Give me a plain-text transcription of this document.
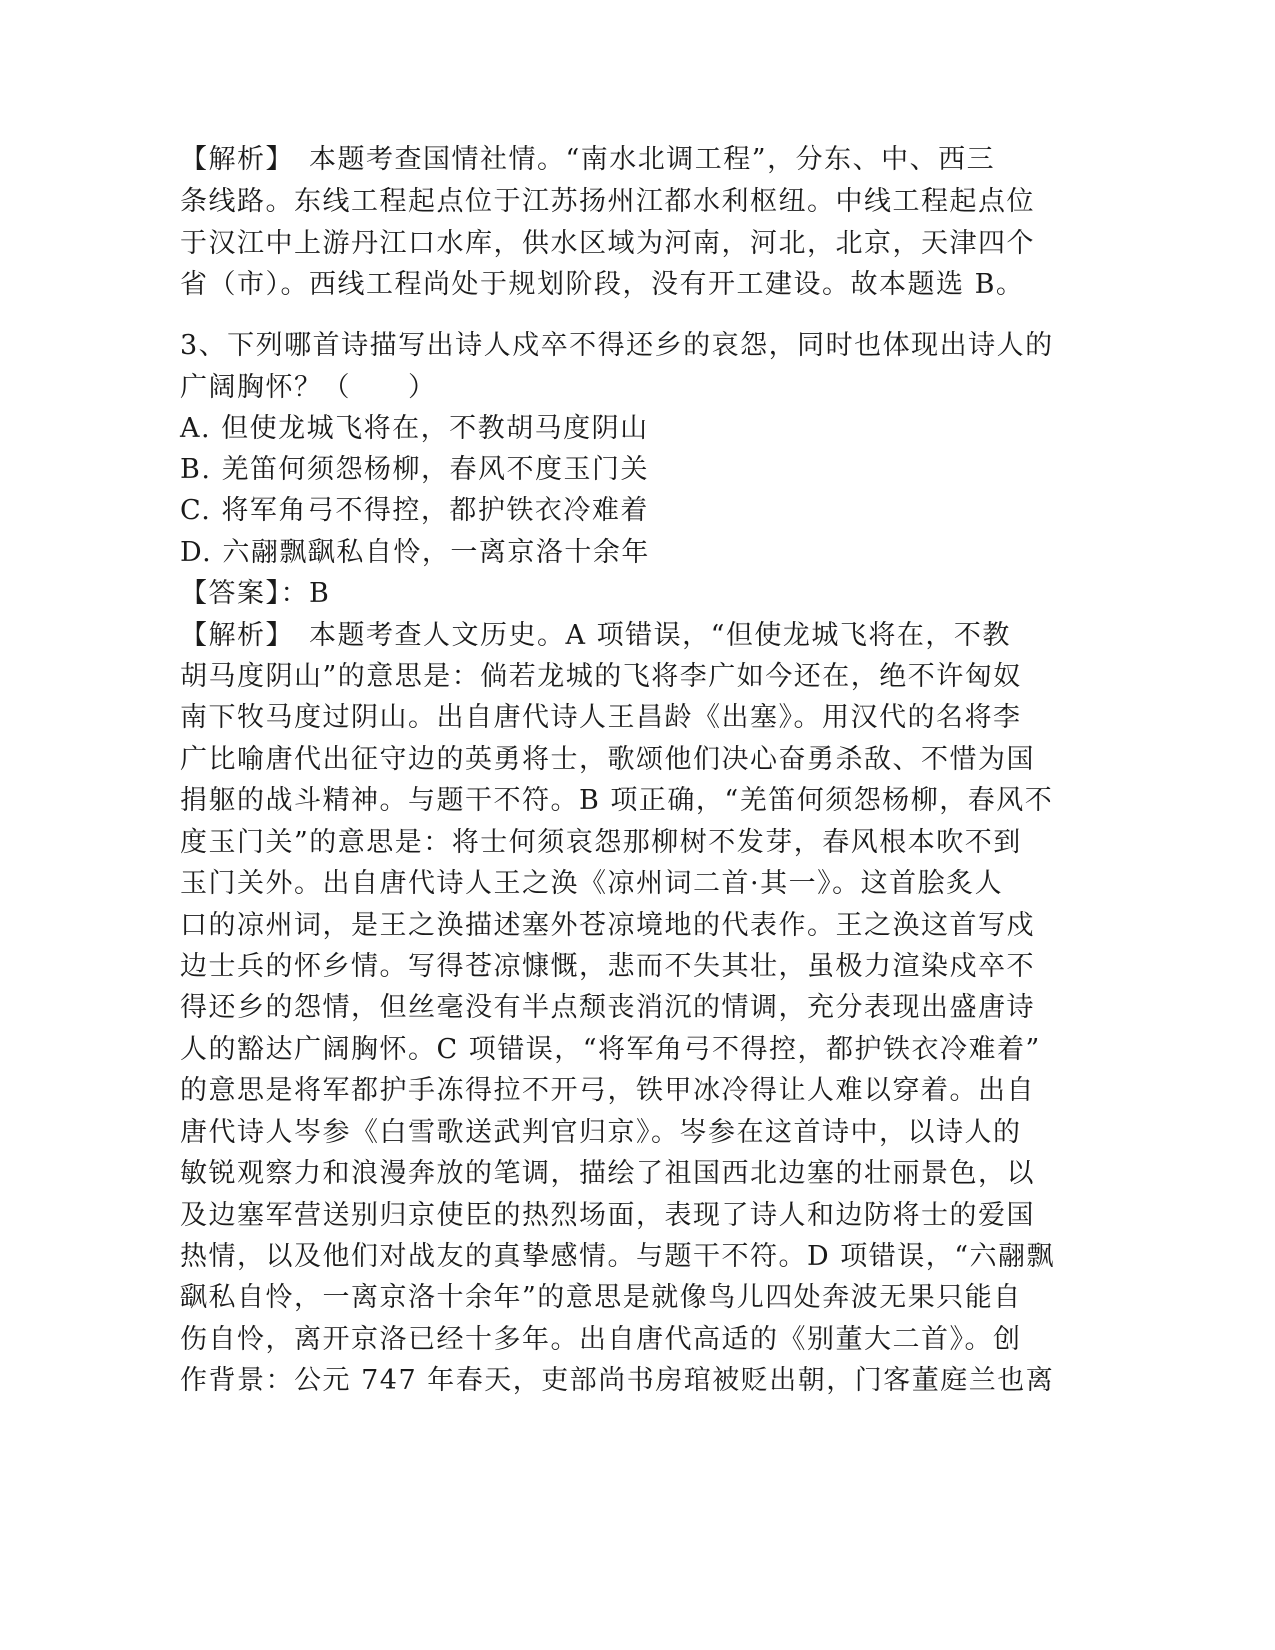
【解析】　本题考查国情社情。“南水北调工程”，分东、中、西三
条线路。东线工程起点位于江苏扬州江都水利枢纽。中线工程起点位
于汉江中上游丹江口水库，供水区域为河南，河北，北京，天津四个
省（市）。西线工程尚处于规划阶段，没有开工建设。故本题选 B。
3、下列哪首诗描写出诗人戍卒不得还乡的哀怨，同时也体现出诗人的
广阔胸怀？（　　）
A. 但使龙城飞将在，不教胡马度阴山
B. 羌笛何须怨杨柳，春风不度玉门关
C. 将军角弓不得控，都护铁衣冷难着
D. 六翮飘飖私自怜，一离京洛十余年
【答案】：B
【解析】　本题考查人文历史。A 项错误，“但使龙城飞将在，不教
胡马度阴山”的意思是：倘若龙城的飞将李广如今还在，绝不许匈奴
南下牧马度过阴山。出自唐代诗人王昌龄《出塞》。用汉代的名将李
广比喻唐代出征守边的英勇将士，歌颂他们决心奋勇杀敌、不惜为国
捐躯的战斗精神。与题干不符。B 项正确，“羌笛何须怨杨柳，春风不
度玉门关”的意思是：将士何须哀怨那柳树不发芽，春风根本吹不到
玉门关外。出自唐代诗人王之涣《凉州词二首·其一》。这首脍炙人
口的凉州词，是王之涣描述塞外苍凉境地的代表作。王之涣这首写戍
边士兵的怀乡情。写得苍凉慷慨，悲而不失其壮，虽极力渲染戍卒不
得还乡的怨情，但丝毫没有半点颓丧消沉的情调，充分表现出盛唐诗
人的豁达广阔胸怀。C 项错误，“将军角弓不得控，都护铁衣冷难着”
的意思是将军都护手冻得拉不开弓，铁甲冰冷得让人难以穿着。出自
唐代诗人岑参《白雪歌送武判官归京》。岑参在这首诗中，以诗人的
敏锐观察力和浪漫奔放的笔调，描绘了祖国西北边塞的壮丽景色，以
及边塞军营送别归京使臣的热烈场面，表现了诗人和边防将士的爱国
热情，以及他们对战友的真挚感情。与题干不符。D 项错误，“六翮飘
飖私自怜，一离京洛十余年”的意思是就像鸟儿四处奔波无果只能自
伤自怜，离开京洛已经十多年。出自唐代高适的《别董大二首》。创
作背景：公元 747 年春天，吏部尚书房琯被贬出朝，门客董庭兰也离
